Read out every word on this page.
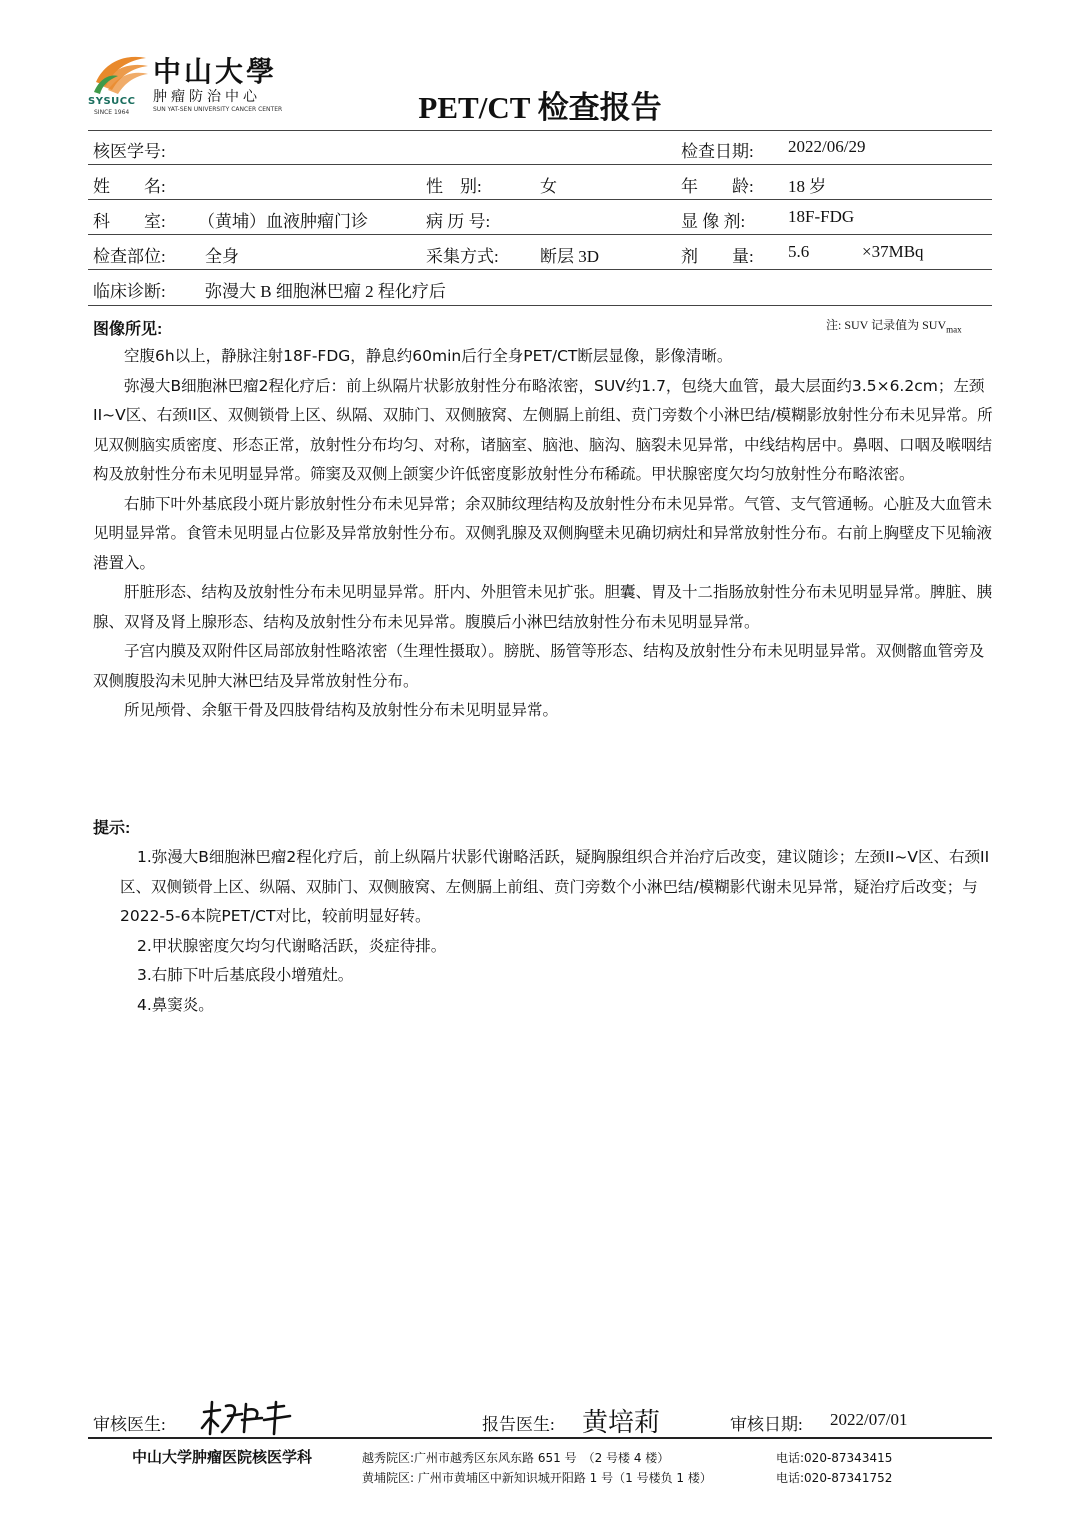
中山大學
肿瘤防治中心
SUN YAT-SEN UNIVERSITY CANCER CENTER
SYSUCC
SINCE 1964	PET/CT 检查报告
核医学号:	检查日期: 2022/06/29
姓　　名:	性　别:	女	年　　龄: 18 岁
科　　室: （黄埔）血液肿瘤门诊	病 历 号:	显 像 剂:	18F-FDG
检查部位: 全身	采集方式: 断层 3D	剂　　量: 5.6	×37MBq
临床诊断: 弥漫大 B 细胞淋巴瘤 2 程化疗后
图像所见:	注: SUV 记录值为 $SUV_{max}$

空腹6h以上，静脉注射18F-FDG，静息约60min后行全身PET/CT断层显像，影像清晰。

弥漫大B细胞淋巴瘤2程化疗后：前上纵隔片状影放射性分布略浓密，SUV约1.7，包绕大血管，最大层面约3.5×6.2cm；左颈II~V区、右颈II区、双侧锁骨上区、纵隔、双肺门、双侧腋窝、左侧膈上前组、贲门旁数个小淋巴结/模糊影放射性分布未见异常。所见双侧脑实质密度、形态正常，放射性分布均匀、对称，诸脑室、脑池、脑沟、脑裂未见异常，中线结构居中。鼻咽、口咽及喉咽结构及放射性分布未见明显异常。筛窦及双侧上颌窦少许低密度影放射性分布稀疏。甲状腺密度欠均匀放射性分布略浓密。

右肺下叶外基底段小斑片影放射性分布未见异常；余双肺纹理结构及放射性分布未见异常。气管、支气管通畅。心脏及大血管未见明显异常。食管未见明显占位影及异常放射性分布。双侧乳腺及双侧胸壁未见确切病灶和异常放射性分布。右前上胸壁皮下见输液港置入。

肝脏形态、结构及放射性分布未见明显异常。肝内、外胆管未见扩张。胆囊、胃及十二指肠放射性分布未见明显异常。脾脏、胰腺、双肾及肾上腺形态、结构及放射性分布未见异常。腹膜后小淋巴结放射性分布未见明显异常。

子宫内膜及双附件区局部放射性略浓密（生理性摄取）。膀胱、肠管等形态、结构及放射性分布未见明显异常。双侧髂血管旁及双侧腹股沟未见肿大淋巴结及异常放射性分布。

所见颅骨、余躯干骨及四肢骨结构及放射性分布未见明显异常。

提示:

1.弥漫大B细胞淋巴瘤2程化疗后，前上纵隔片状影代谢略活跃，疑胸腺组织合并治疗后改变，建议随诊；左颈II~V区、右颈II区、双侧锁骨上区、纵隔、双肺门、双侧腋窝、左侧膈上前组、贲门旁数个小淋巴结/模糊影代谢未见异常，疑治疗后改变；与2022-5-6本院PET/CT对比，较前明显好转。

2.甲状腺密度欠均匀代谢略活跃，炎症待排。

3.右肺下叶后基底段小增殖灶。

4.鼻窦炎。

审核医生:	报告医生: 黄培莉	审核日期: 2022/07/01
中山大学肿瘤医院核医学科	越秀院区:广州市越秀区东风东路 651 号　（2 号楼 4 楼）
黄埔院区: 广州市黄埔区中新知识城开阳路 1 号（1 号楼负 1 楼）
电话:020-87343415
电话:020-87341752
